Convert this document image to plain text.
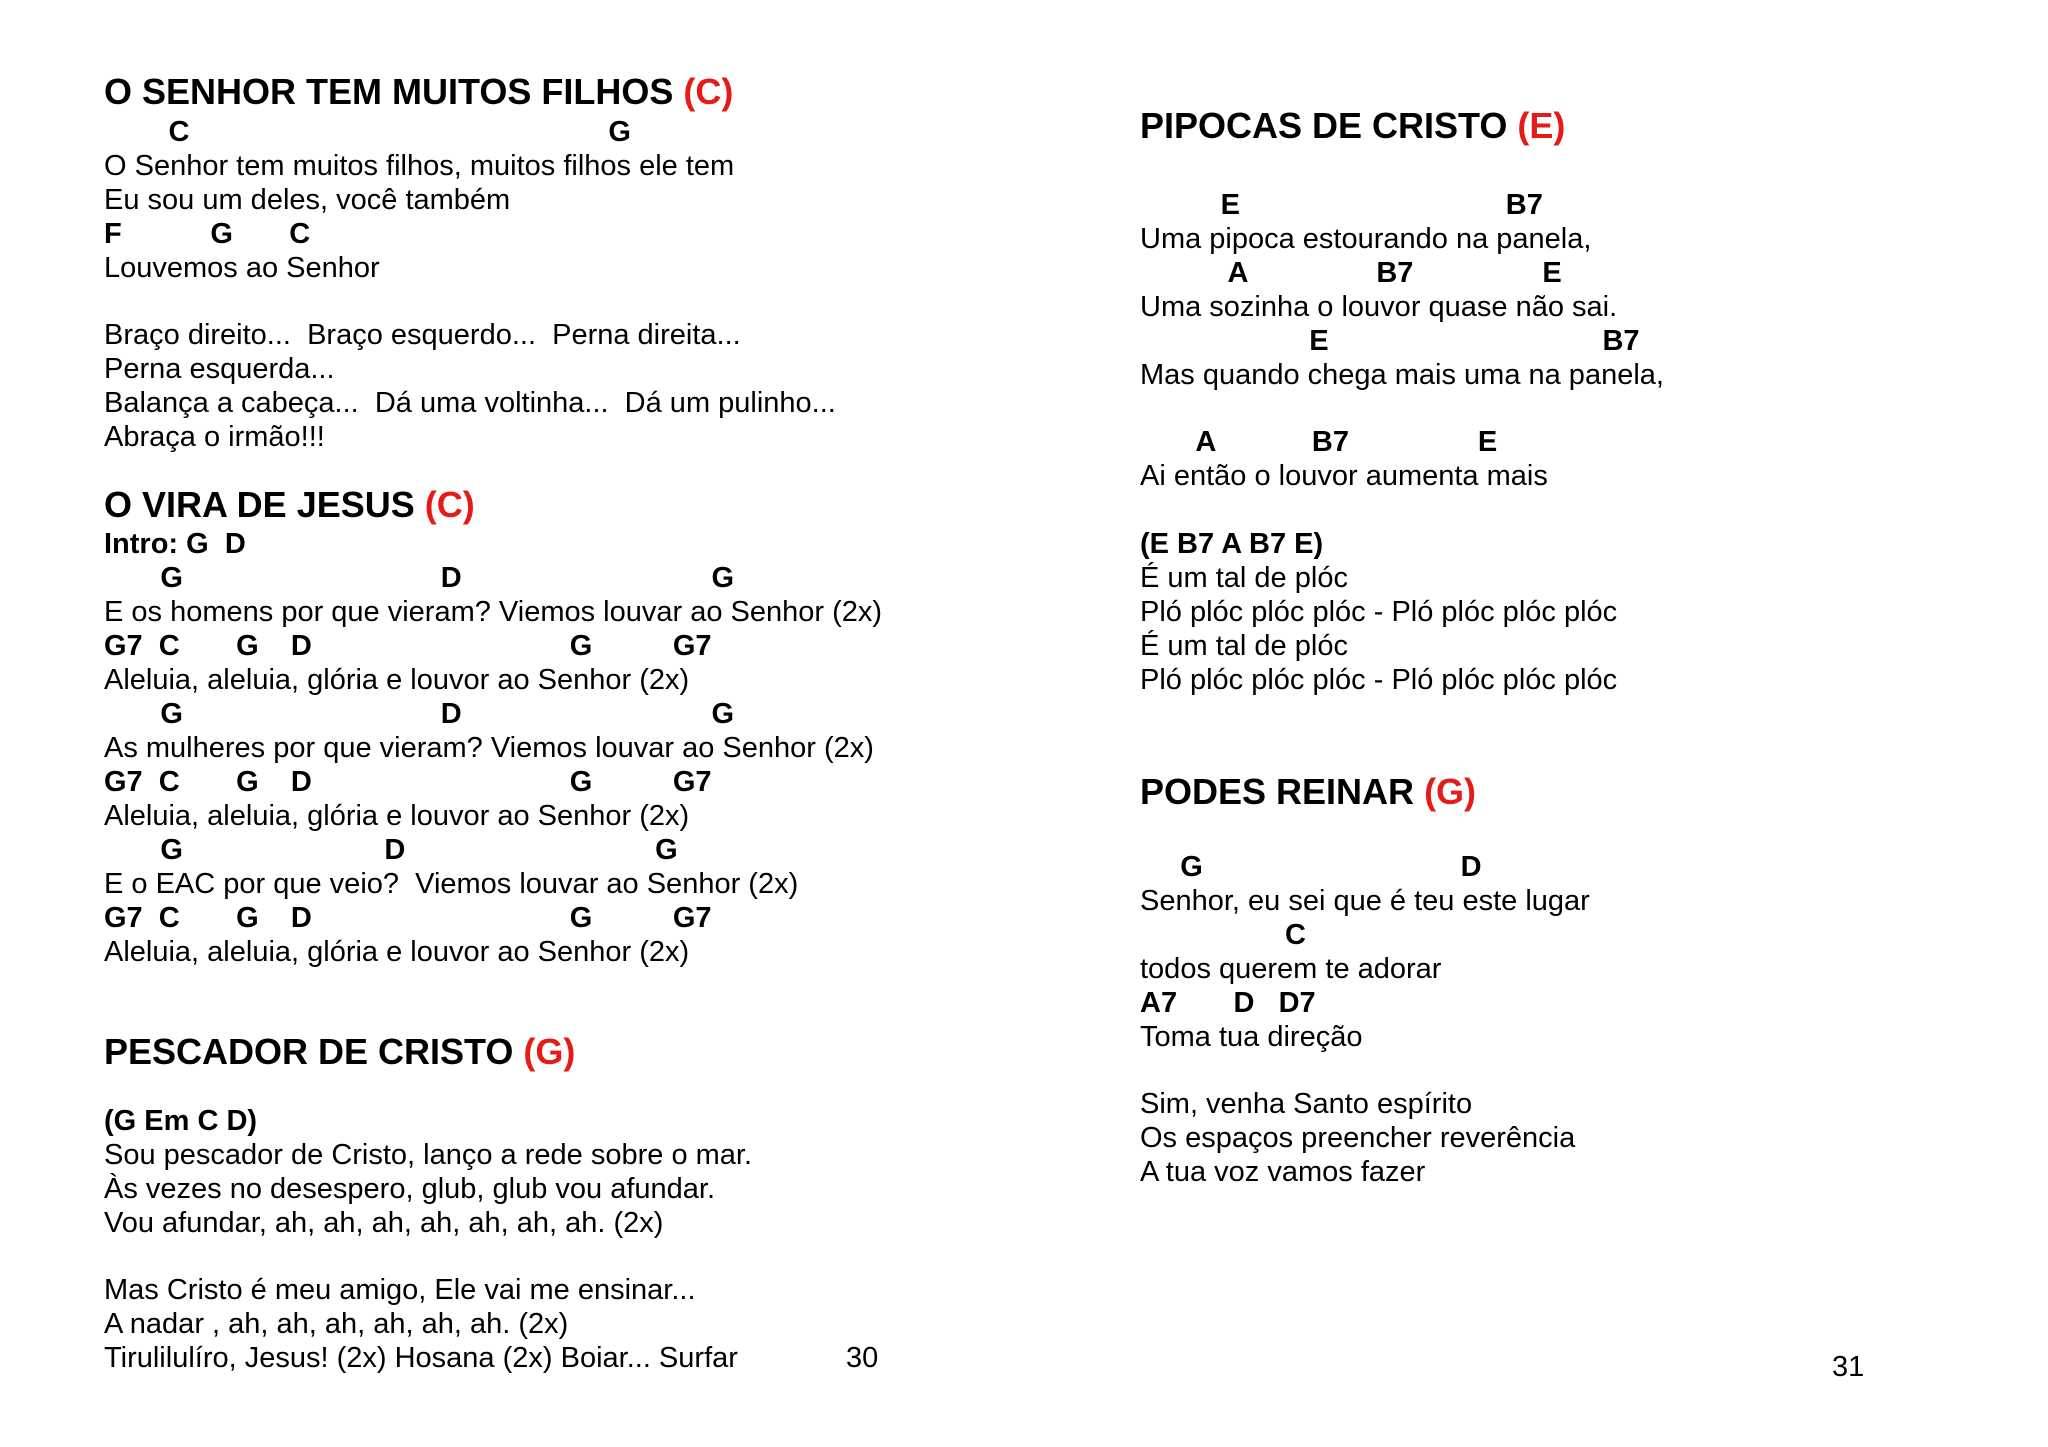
O SENHOR TEM MUITOS FILHOS (C)
C                                                    G
O Senhor tem muitos filhos, muitos filhos ele tem
Eu sou um deles, você também
F           G       C
Louvemos ao Senhor
Braço direito...  Braço esquerdo...  Perna direita...
Perna esquerda...
Balança a cabeça...  Dá uma voltinha...  Dá um pulinho...
Abraça o irmão!!!
O VIRA DE JESUS (C)
Intro: G  D
G                                D                               G
E os homens por que vieram? Viemos louvar ao Senhor (2x)
G7  C       G    D                                G          G7
Aleluia, aleluia, glória e louvor ao Senhor (2x)
G                                D                               G
As mulheres por que vieram? Viemos louvar ao Senhor (2x)
G7  C       G    D                                G          G7
Aleluia, aleluia, glória e louvor ao Senhor (2x)
G                         D                               G
E o EAC por que veio?  Viemos louvar ao Senhor (2x)
G7  C       G    D                                G          G7
Aleluia, aleluia, glória e louvor ao Senhor (2x)
PESCADOR DE CRISTO (G)
(G Em C D)
Sou pescador de Cristo, lanço a rede sobre o mar.
Às vezes no desespero, glub, glub vou afundar.
Vou afundar, ah, ah, ah, ah, ah, ah, ah. (2x)
Mas Cristo é meu amigo, Ele vai me ensinar...
A nadar , ah, ah, ah, ah, ah, ah. (2x)
Tirulilulíro, Jesus! (2x) Hosana (2x) Boiar... Surfar	30
PIPOCAS DE CRISTO (E)
E                                 B7
Uma pipoca estourando na panela,
A                B7                E
Uma sozinha o louvor quase não sai.
E                                  B7
Mas quando chega mais uma na panela,
A            B7                E
Ai então o louvor aumenta mais
(E B7 A B7 E)
É um tal de plóc
Pló plóc plóc plóc - Pló plóc plóc plóc
É um tal de plóc
Pló plóc plóc plóc - Pló plóc plóc plóc
PODES REINAR (G)
G                                D
Senhor, eu sei que é teu este lugar
C
todos querem te adorar
A7       D   D7
Toma tua direção
Sim, venha Santo espírito
Os espaços preencher reverência
A tua voz vamos fazer
31
